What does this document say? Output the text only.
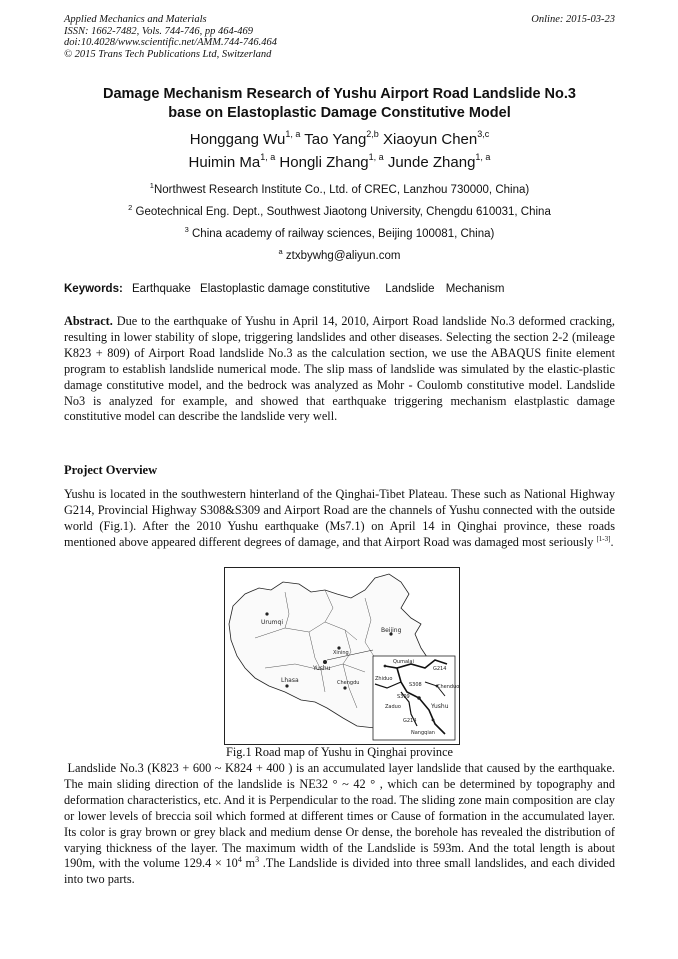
Applied Mechanics and Materials
ISSN: 1662-7482, Vols. 744-746, pp 464-469
doi:10.4028/www.scientific.net/AMM.744-746.464
© 2015 Trans Tech Publications Ltd, Switzerland
Online: 2015-03-23
Damage Mechanism Research of Yushu Airport Road Landslide No.3
base on Elastoplastic Damage Constitutive Model
Honggang Wu$^{1, a}$ Tao Yang$^{2,b}$ Xiaoyun Chen$^{3,c}$
Huimin Ma$^{1, a}$ Hongli Zhang$^{1, a}$ Junde Zhang$^{1, a}$
$^1$Northwest Research Institute Co., Ltd. of CREC, Lanzhou 730000, China)
$^2$ Geotechnical Eng. Dept., Southwest Jiaotong University, Chengdu 610031, China
$^3$ China academy of railway sciences, Beijing 100081, China)
$^a$ ztxbywhg@aliyun.com
Keywords: Earthquake Elastoplastic damage constitutive Landslide Mechanism
Abstract. Due to the earthquake of Yushu in April 14, 2010, Airport Road landslide No.3 deformed cracking, resulting in lower stability of slope, triggering landslides and other diseases. Selecting the section 2-2 (mileage K823 + 809) of Airport Road landslide No.3 as the calculation section, we use the ABAQUS finite element program to establish landslide numerical mode. The slip mass of landslide was simulated by the elastic-plastic damage constitutive model, and the bedrock was analyzed as Mohr - Coulomb constitutive model. Landslide No3 is analyzed for example, and showed that earthquake triggering mechanism elastplastic damage constitutive model can describe the landslide very well.
Project Overview
Yushu is located in the southwestern hinterland of the Qinghai-Tibet Plateau. These such as National Highway G214, Provincial Highway S308&S309 and Airport Road are the channels of Yushu connected with the outside world (Fig.1). After the 2010 Yushu earthquake (Ms7.1) on April 14 in Qinghai province, these roads mentioned above appeared different degrees of damage, and that Airport Road was damaged most seriously [1-3].
Urumqi
Beijing
Xining
Yushu
Lhasa	Chengdu
Qumalai
G214
Zhiduo
S308
S309
Chenduo
Yushu
Zaduo
G214
Nangqian
Fig.1 Road map of Yushu in Qinghai province
Landslide No.3 (K823 + 600 ~ K824 + 400 ) is an accumulated layer landslide that caused by the earthquake. The main sliding direction of the landslide is NE32 ° ~ 42 ° , which can be determined by topography and deformation characteristics, etc. And it is Perpendicular to the road. The sliding zone main composition are clay or lower levels of breccia soil which formed at different times or Cause of formation in the accumulated layer. Its color is gray brown or grey black and medium dense Or dense, the borehole has revealed the distribution of varying thickness of the layer. The maximum width of the Landslide is 593m. And the total length is about 190m, with the volume $129.4 \times 10^4$ $m^3$ .The Landslide is divided into three small landslides, and each divided into two parts.
